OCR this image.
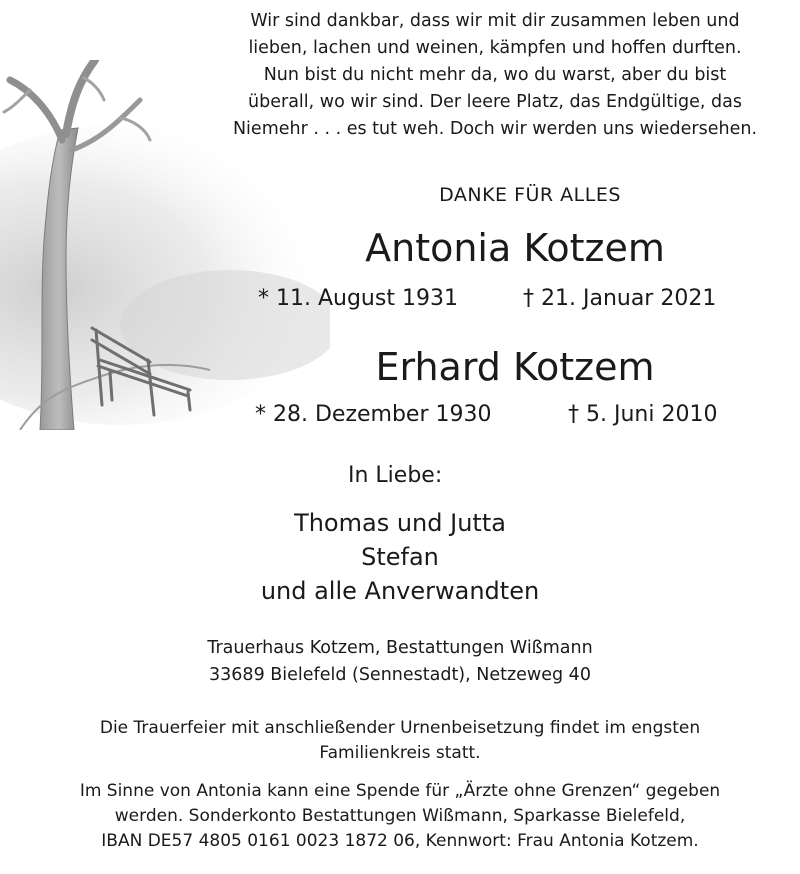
Wir sind dankbar, dass wir mit dir zusammen leben und
lieben, lachen und weinen, kämpfen und hoffen durften.
Nun bist du nicht mehr da, wo du warst, aber du bist
überall, wo wir sind. Der leere Platz, das Endgültige, das
Niemehr . . . es tut weh. Doch wir werden uns wiedersehen.
DANKE FÜR ALLES
Antonia Kotzem
* 11. August 1931	† 21. Januar 2021
Erhard Kotzem
* 28. Dezember 1930	† 5. Juni 2010
In Liebe:
Thomas und Jutta
Stefan
und alle Anverwandten
Trauerhaus Kotzem, Bestattungen Wißmann
33689 Bielefeld (Sennestadt), Netzeweg 40
Die Trauerfeier mit anschließender Urnenbeisetzung findet im engsten
Familienkreis statt.
Im Sinne von Antonia kann eine Spende für „Ärzte ohne Grenzen“ gegeben
werden. Sonderkonto Bestattungen Wißmann, Sparkasse Bielefeld,
IBAN DE57 4805 0161 0023 1872 06, Kennwort: Frau Antonia Kotzem.
